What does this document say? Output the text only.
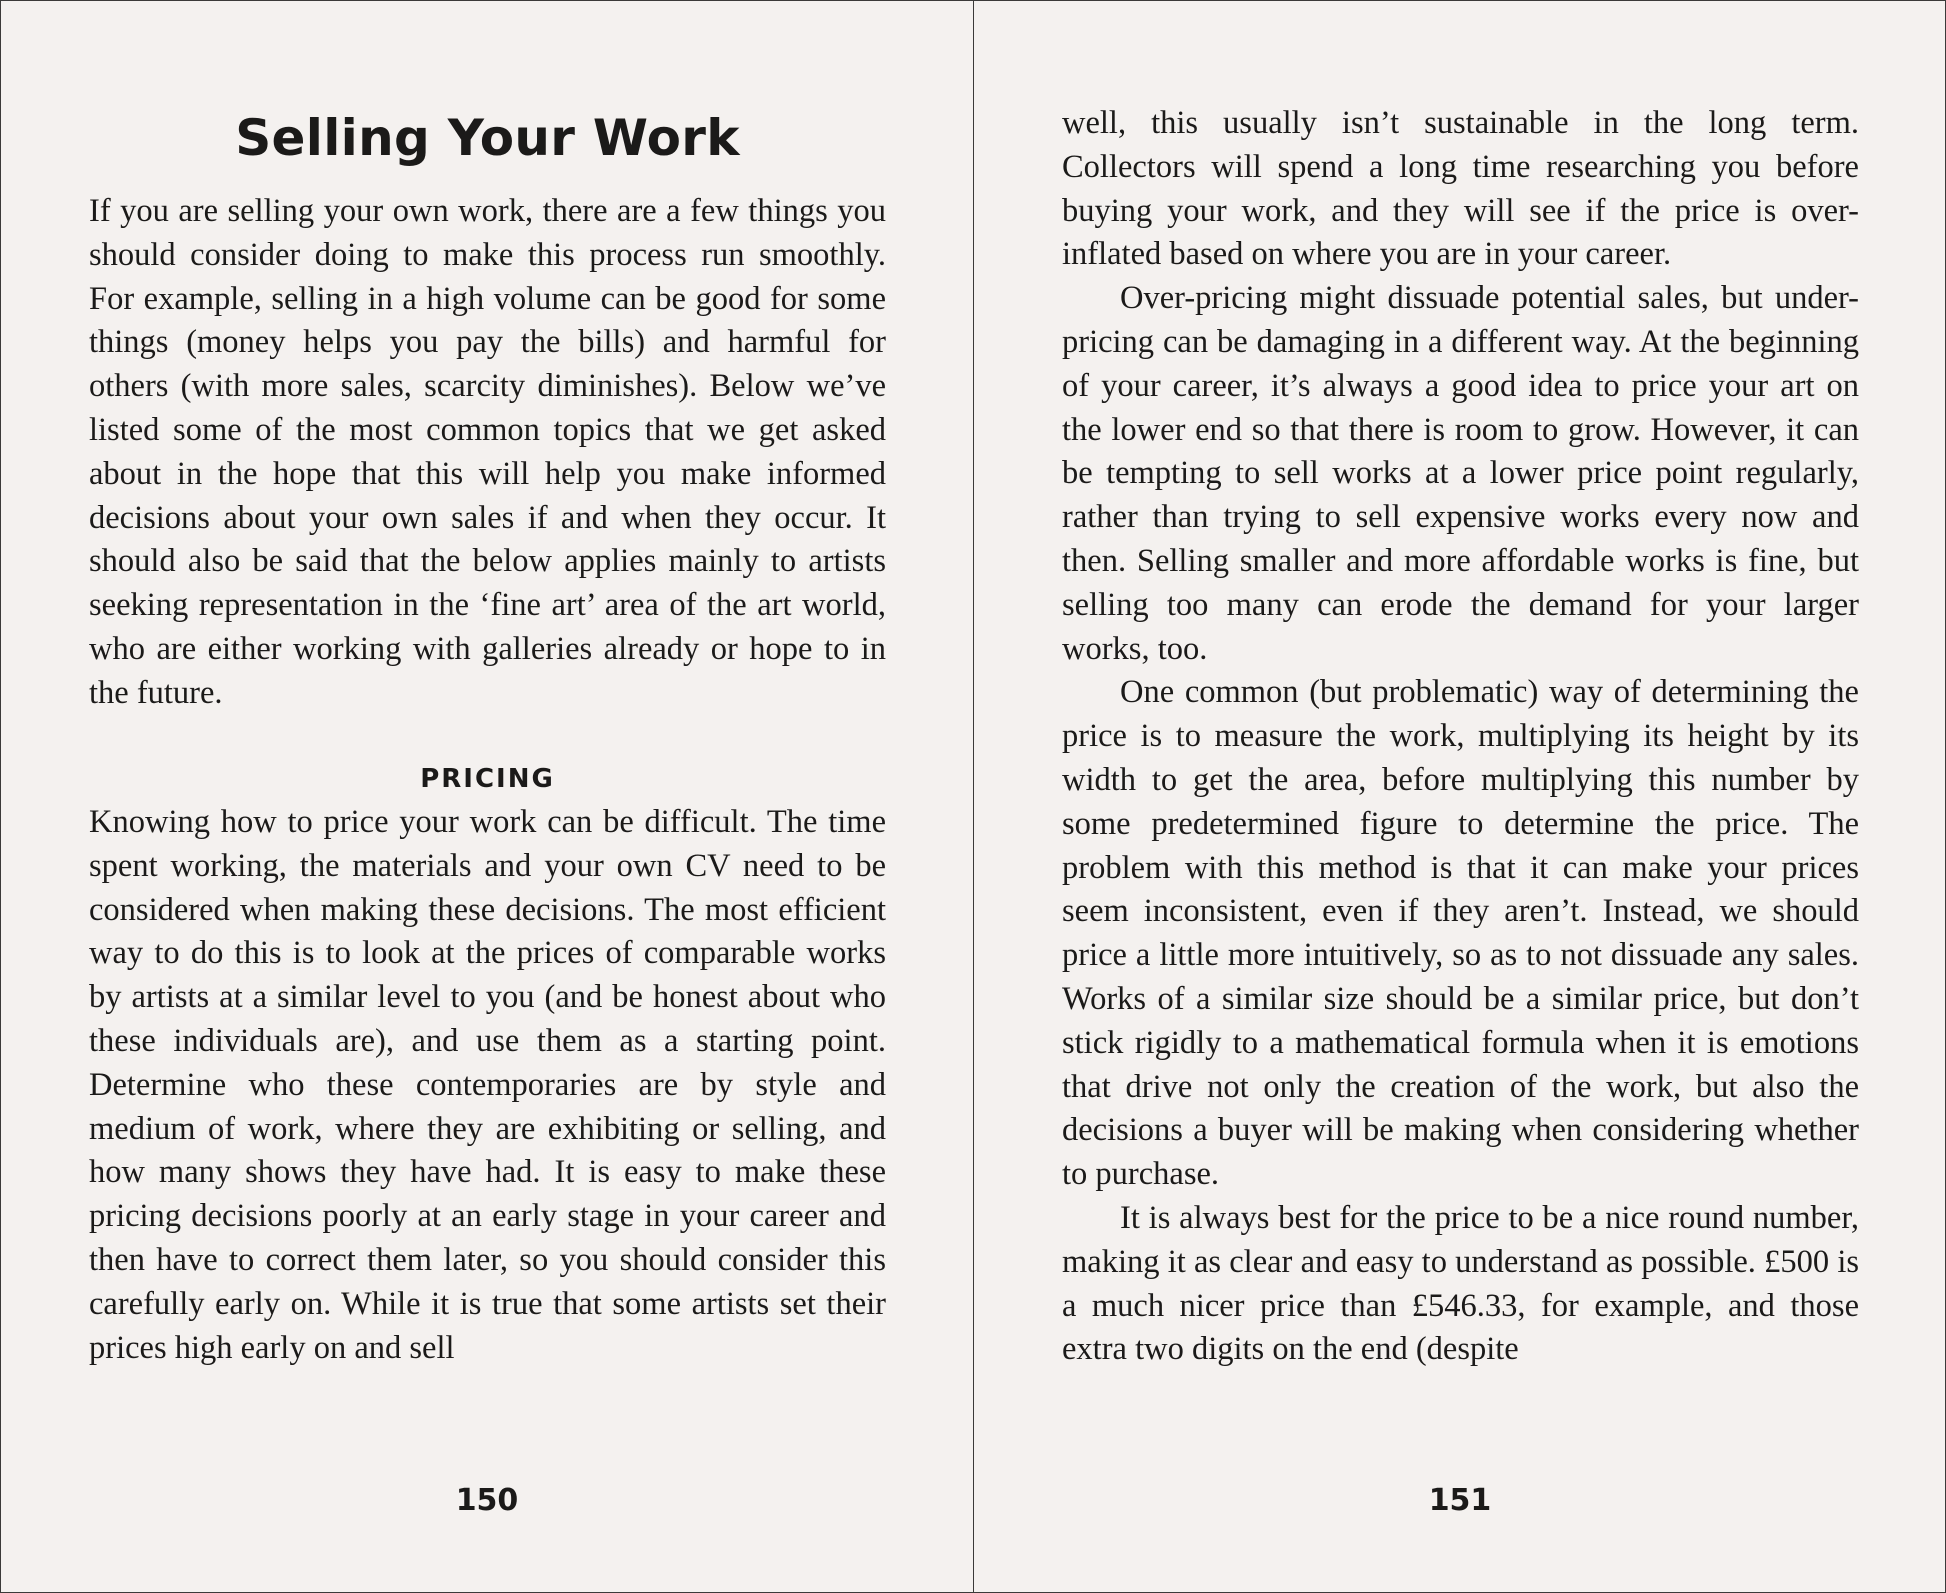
Selling Your Work

If you are selling your own work, there are a few things you should consider doing to make this process run smoothly. For example, selling in a high volume can be good for some things (money helps you pay the bills) and harmful for others (with more sales, scarcity diminishes). Below we’ve listed some of the most common topics that we get asked about in the hope that this will help you make informed decisions about your own sales if and when they occur. It should also be said that the below applies mainly to artists seeking representation in the ‘fine art’ area of the art world, who are either working with galleries already or hope to in the future.

PRICING

Knowing how to price your work can be difficult. The time spent working, the materials and your own CV need to be considered when making these decisions. The most efficient way to do this is to look at the prices of comparable works by artists at a similar level to you (and be honest about who these individuals are), and use them as a starting point. Determine who these contemporaries are by style and medium of work, where they are exhibiting or selling, and how many shows they have had. It is easy to make these pricing decisions poorly at an early stage in your career and then have to correct them later, so you should consider this carefully early on. While it is true that some artists set their prices high early on and sell

150

well, this usually isn’t sustainable in the long term. Collectors will spend a long time researching you before buying your work, and they will see if the price is over-inflated based on where you are in your career.

Over-pricing might dissuade potential sales, but under-pricing can be damaging in a different way. At the beginning of your career, it’s always a good idea to price your art on the lower end so that there is room to grow. However, it can be tempting to sell works at a lower price point regularly, rather than trying to sell expensive works every now and then. Selling smaller and more affordable works is fine, but selling too many can erode the demand for your larger works, too.

One common (but problematic) way of determining the price is to measure the work, multiplying its height by its width to get the area, before multiplying this number by some predetermined figure to determine the price. The problem with this method is that it can make your prices seem inconsistent, even if they aren’t. Instead, we should price a little more intuitively, so as to not dissuade any sales. Works of a similar size should be a similar price, but don’t stick rigidly to a mathematical formula when it is emotions that drive not only the creation of the work, but also the decisions a buyer will be making when considering whether to purchase.

It is always best for the price to be a nice round number, making it as clear and easy to understand as possible. £500 is a much nicer price than £546.33, for example, and those extra two digits on the end (despite

151
